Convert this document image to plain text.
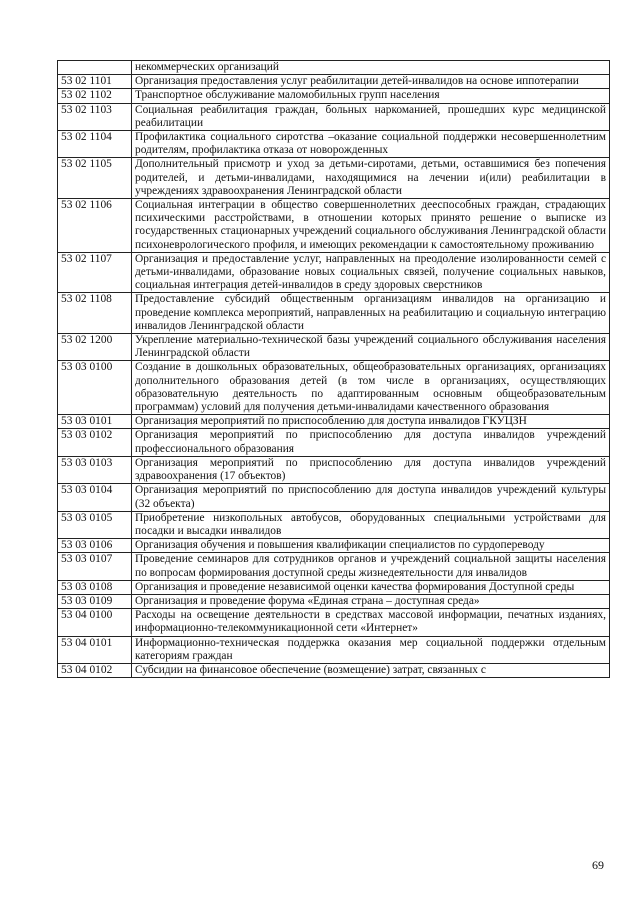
	некоммерческих организаций
53 02 1101	Организация предоставления услуг реабилитации детей-инвалидов на основе иппотерапии
53 02 1102	Транспортное обслуживание маломобильных групп населения
53 02 1103	Социальная реабилитация граждан, больных наркоманией, прошедших курс медицинской реабилитации
53 02 1104	Профилактика социального сиротства –оказание социальной поддержки несовершеннолетним родителям, профилактика отказа от новорожденных
53 02 1105	Дополнительный присмотр и уход за детьми-сиротами, детьми, оставшимися без попечения родителей, и детьми-инвалидами, находящимися на лечении и(или) реабилитации в учреждениях здравоохранения Ленинградской области
53 02 1106	Социальная интеграции в общество совершеннолетних дееспособных граждан, страдающих психическими расстройствами, в отношении которых принято решение о выписке из государственных стационарных учреждений социального обслуживания Ленинградской области психоневрологического профиля, и имеющих рекомендации к самостоятельному проживанию
53 02 1107	Организация и предоставление услуг, направленных на преодоление изолированности семей с детьми-инвалидами, образование новых социальных связей, получение социальных навыков, социальная интеграция детей-инвалидов в среду здоровых сверстников
53 02 1108	Предоставление субсидий общественным организациям инвалидов на организацию и проведение комплекса мероприятий, направленных на реабилитацию и социальную интеграцию инвалидов Ленинградской области
53 02 1200	Укрепление материально-технической базы учреждений социального обслуживания населения Ленинградской области
53 03 0100	Создание в дошкольных образовательных, общеобразовательных организациях, организациях дополнительного образования детей (в том числе в организациях, осуществляющих образовательную деятельность по адаптированным основным общеобразовательным программам) условий для получения детьми-инвалидами качественного образования
53 03 0101	Организация мероприятий по приспособлению для доступа инвалидов ГКУЦЗН
53 03 0102	Организация мероприятий по приспособлению для доступа инвалидов учреждений профессионального образования
53 03 0103	Организация мероприятий по приспособлению для доступа инвалидов учреждений здравоохранения (17 объектов)
53 03 0104	Организация мероприятий по приспособлению для доступа инвалидов учреждений культуры (32 объекта)
53 03 0105	Приобретение низкопольных автобусов, оборудованных специальными устройствами для посадки и высадки инвалидов
53 03 0106	Организация обучения и повышения квалификации специалистов по сурдопереводу
53 03 0107	Проведение семинаров для сотрудников органов и учреждений социальной защиты населения по вопросам формирования доступной среды жизнедеятельности для инвалидов
53 03 0108	Организация и проведение независимой оценки качества формирования Доступной среды
53 03 0109	Организация и проведение форума «Единая страна – доступная среда»
53 04 0100	Расходы на освещение деятельности в средствах массовой информации, печатных изданиях, информационно-телекоммуникационной сети «Интернет»
53 04 0101	Информационно-техническая поддержка оказания мер социальной поддержки отдельным категориям граждан
53 04 0102	Субсидии на финансовое обеспечение (возмещение) затрат, связанных с
69
